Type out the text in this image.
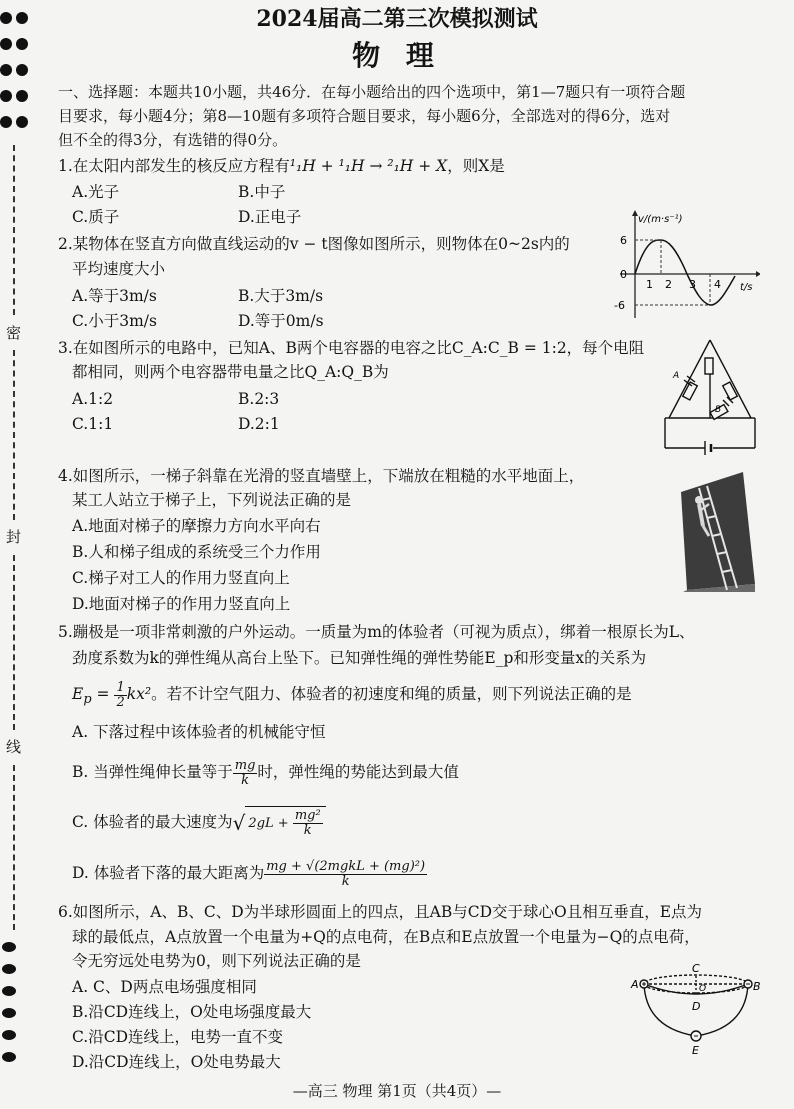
密
封
线
2024届高二第三次模拟测试
物 理
一、选择题：本题共10小题，共46分．在每小题给出的四个选项中，第1—7题只有一项符合题
目要求，每小题4分；第8—10题有多项符合题目要求，每小题6分，全部选对的得6分，选对
但不全的得3分，有选错的得0分。
1.在太阳内部发生的核反应方程有¹₁H + ¹₁H → ²₁H + X，则X是
A.光子	B.中子
C.质子	D.正电子
2.某物体在竖直方向做直线运动的v − t图像如图所示，则物体在0~2s内的
平均速度大小
A.等于3m/s	B.大于3m/s
C.小于3m/s	D.等于0m/s
v/(m·s⁻¹)
6
0
-6
1 2 3 4 t/s
3.在如图所示的电路中，已知A、B两个电容器的电容之比C_A:C_B = 1:2，每个电阻
都相同，则两个电容器带电量之比Q_A:Q_B为
A.1:2	B.2:3
C.1:1	D.2:1
A
B
4.如图所示，一梯子斜靠在光滑的竖直墙壁上，下端放在粗糙的水平地面上，
某工人站立于梯子上，下列说法正确的是
A.地面对梯子的摩擦力方向水平向右
B.人和梯子组成的系统受三个力作用
C.梯子对工人的作用力竖直向上
D.地面对梯子的作用力竖直向上
5.蹦极是一项非常刺激的户外运动。一质量为m的体验者（可视为质点），绑着一根原长为L、
劲度系数为k的弹性绳从高台上坠下。已知弹性绳的弹性势能E_p和形变量x的关系为
$E_p = \frac{1}{2} kx^2$。若不计空气阻力、体验者的初速度和绳的质量，则下列说法正确的是
A. 下落过程中该体验者的机械能守恒
B. 当弹性绳伸长量等于 $\frac{mg}{k}$ 时，弹性绳的势能达到最大值
C. 体验者的最大速度为√ $2gL + \frac{\text{mg²}}{k}$
D. 体验者下落的最大距离为 $\frac{\text{mg + √(2mgkL + (mg)²)}}{k}$
6.如图所示，A、B、C、D为半球形圆面上的四点，且AB与CD交于球心O且相互垂直，E点为
球的最低点，A点放置一个电量为+Q的点电荷，在B点和E点放置一个电量为−Q的点电荷，
令无穷远处电势为0，则下列说法正确的是
A. C、D两点电场强度相同
B.沿CD连线上，O处电场强度最大
C.沿CD连线上，电势一直不变
D.沿CD连线上，O处电势最大
A	B
C
D
O
E
—高三 物理 第1页（共4页）—
